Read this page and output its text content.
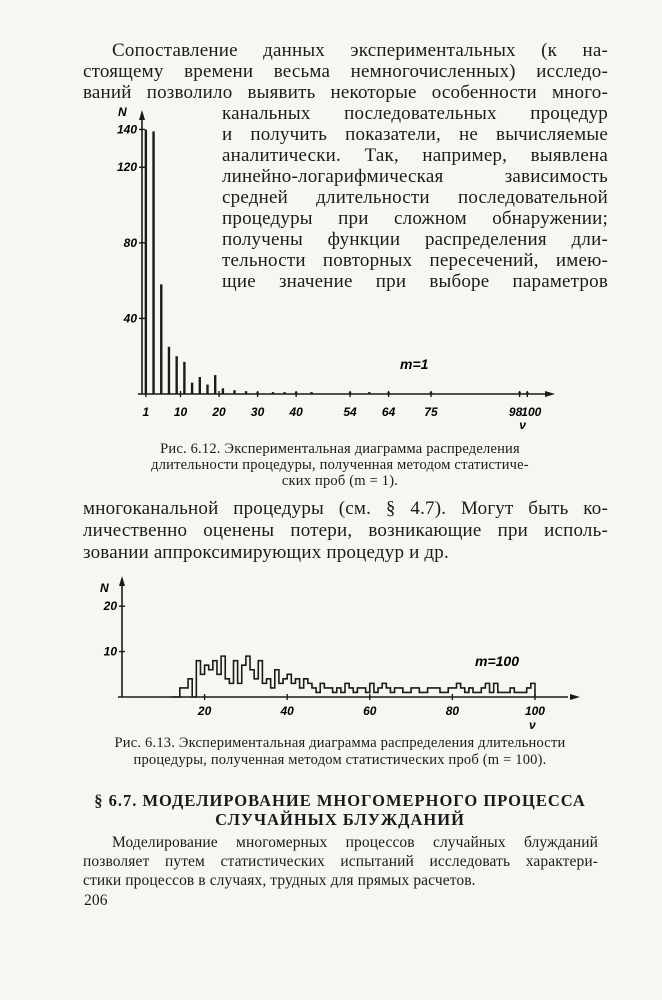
Сопоставление данных экспериментальных (к на-
стоящему времени весьма немногочисленных) исследо-
ваний позволило выявить некоторые особенности много-
канальных последовательных процедур
и получить показатели, не вычисляемые
аналитически. Так, например, выявлена
линейно-логарифмическая зависимость
средней длительности последовательной
процедуры при сложном обнаружении;
получены функции распределения дли-
тельности повторных пересечений, имею-
щие значение при выборе параметров
N
ν
m=1
40
80
120
140
1 10 20 30 40	54 64 75	98 100
Рис. 6.12. Экспериментальная диаграмма распределения
длительности процедуры, полученная методом статистиче-
ских проб (m = 1).
многоканальной процедуры (см. § 4.7). Могут быть ко-
личественно оценены потери, возникающие при исполь-
зовании аппроксимирующих процедур и др.
N
ν
m=100
10
20
20	40	60	80	100
Рис. 6.13. Экспериментальная диаграмма распределения длительности
процедуры, полученная методом статистических проб (m = 100).
§ 6.7. МОДЕЛИРОВАНИЕ МНОГОМЕРНОГО ПРОЦЕССА
СЛУЧАЙНЫХ БЛУЖДАНИЙ
Моделирование многомерных процессов случайных блужданий
позволяет путем статистических испытаний исследовать характери-
стики процессов в случаях, трудных для прямых расчетов.
206
